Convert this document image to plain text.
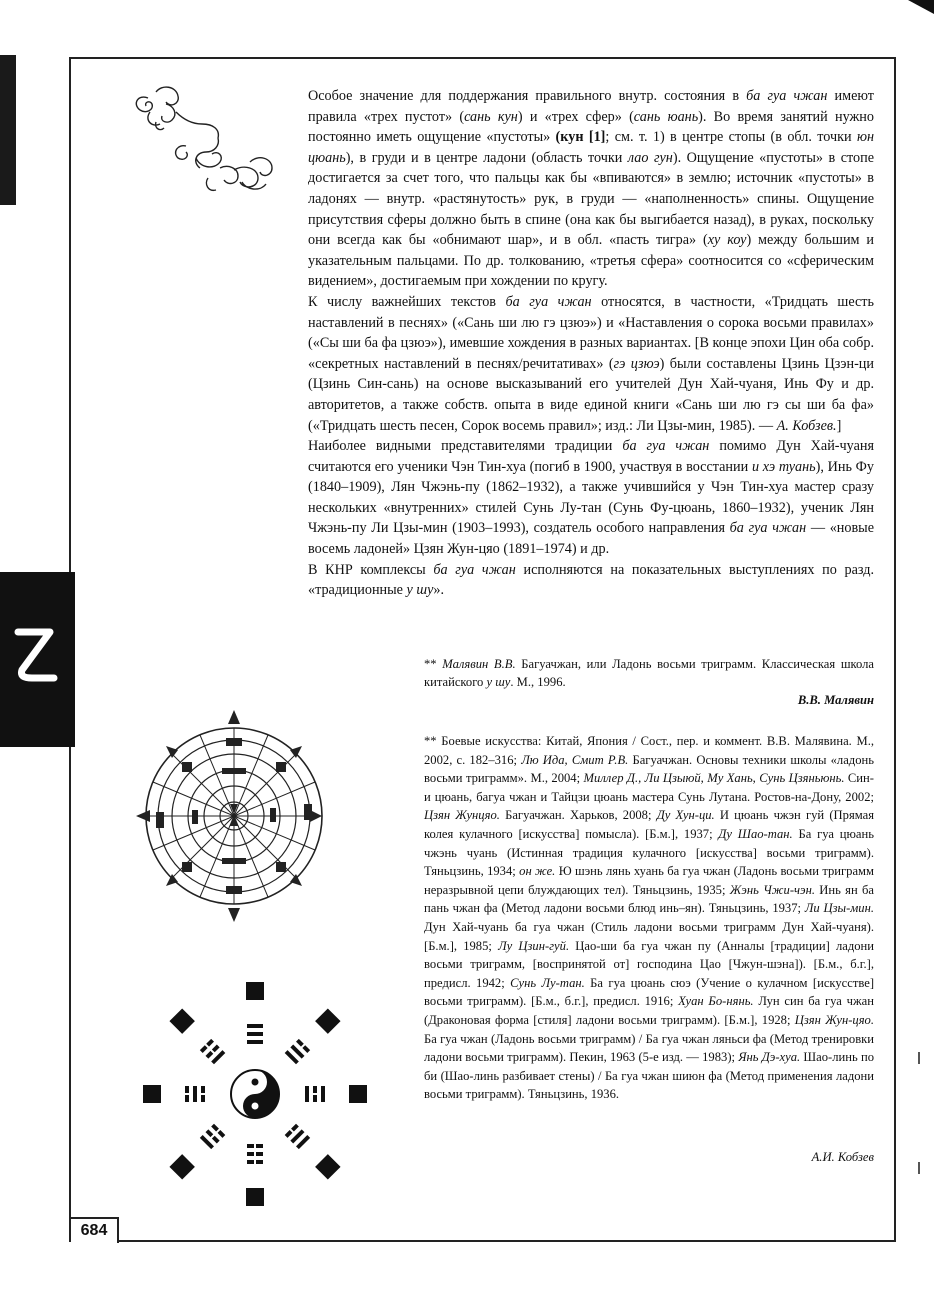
Особое значение для поддержания правильного внутр. состояния в ба гуа чжан имеют правила «трех пустот» (сань кун) и «трех сфер» (сань юань). Во время занятий нужно постоянно иметь ощущение «пустоты» (кун [1]; см. т. 1) в центре стопы (в обл. точки юн цюань), в груди и в центре ладони (область точки лао гун). Ощущение «пустоты» в стопе достигается за счет того, что пальцы как бы «впиваются» в землю; источник «пустоты» в ладонях — внутр. «растянутость» рук, в груди — «наполненность» спины. Ощущение присутствия сферы должно быть в спине (она как бы выгибается назад), в руках, поскольку они всегда как бы «обнимают шар», и в обл. «пасть тигра» (ху коу) между большим и указательным пальцами. По др. толкованию, «третья сфера» соотносится со «сферическим видением», достигаемым при хождении по кругу.

К числу важнейших текстов ба гуа чжан относятся, в частности, «Тридцать шесть наставлений в песнях» («Сань ши лю гэ цзюэ») и «Наставления о сорока восьми правилах» («Сы ши ба фа цзюэ»), имевшие хождения в разных вариантах. [В конце эпохи Цин оба собр. «секретных наставлений в песнях/речитативах» (гэ цзюэ) были составлены Цзинь Цзэн-ци (Цзинь Син-сань) на основе высказываний его учителей Дун Хай-чуаня, Инь Фу и др. авторитетов, а также собств. опыта в виде единой книги «Сань ши лю гэ сы ши ба фа» («Тридцать шесть песен, Сорок восемь правил»; изд.: Ли Цзы-мин, 1985). — А. Кобзев.]

Наиболее видными представителями традиции ба гуа чжан помимо Дун Хай-чуаня считаются его ученики Чэн Тин-хуа (погиб в 1900, участвуя в восстании и хэ туань), Инь Фу (1840–1909), Лян Чжэнь-пу (1862–1932), а также учившийся у Чэн Тин-хуа мастер сразу нескольких «внутренних» стилей Сунь Лу-тан (Сунь Фу-цюань, 1860–1932), ученик Лян Чжэнь-пу Ли Цзы-мин (1903–1993), создатель особого направления ба гуа чжан — «новые восемь ладоней» Цзян Жун-цяо (1891–1974) и др.

В КНР комплексы ба гуа чжан исполняются на показательных выступлениях по разд. «традиционные у шу».

** Малявин В.В. Багуачжан, или Ладонь восьми триграмм. Классическая школа китайского у шу. М., 1996.

В.В. Малявин

** Боевые искусства: Китай, Япония / Сост., пер. и коммент. В.В. Малявина. М., 2002, с. 182–316; Лю Ида, Смит Р.В. Багуачжан. Основы техники школы «ладонь восьми триграмм». М., 2004; Миллер Д., Ли Цзыюй, Му Хань, Сунь Цзяньюнь. Син-и цюань, багуа чжан и Тайцзи цюань мастера Сунь Лутана. Ростов-на-Дону, 2002; Цзян Жунцяо. Багуачжан. Харьков, 2008; Ду Хун-ци. И цюань чжэн гуй (Прямая колея кулачного [искусства] помысла). [Б.м.], 1937; Ду Шао-тан. Ба гуа цюань чжэнь чуань (Истинная традиция кулачного [искусства] восьми триграмм). Тяньцзинь, 1934; он же. Ю шэнь лянь хуань ба гуа чжан (Ладонь восьми триграмм неразрывной цепи блуждающих тел). Тяньцзинь, 1935; Жэнь Чжи-чэн. Инь ян ба пань чжан фа (Метод ладони восьми блюд инь–ян). Тяньцзинь, 1937; Ли Цзы-мин. Дун Хай-чуань ба гуа чжан (Стиль ладони восьми триграмм Дун Хай-чуаня). [Б.м.], 1985; Лу Цзин-гуй. Цао-ши ба гуа чжан пу (Анналы [традиции] ладони восьми триграмм, [воспринятой от] господина Цао [Чжун-шэна]). [Б.м., б.г.], предисл. 1942; Сунь Лу-тан. Ба гуа цюань сюэ (Учение о кулачном [искусстве] восьми триграмм). [Б.м., б.г.], предисл. 1916; Хуан Бо-нянь. Лун син ба гуа чжан (Драконовая форма [стиля] ладони восьми триграмм). [Б.м.], 1928; Цзян Жун-цяо. Ба гуа чжан (Ладонь восьми триграмм) / Ба гуа чжан ляньси фа (Метод тренировки ладони восьми триграмм). Пекин, 1963 (5-е изд. — 1983); Янь Дэ-хуа. Шао-линь по би (Шао-линь разбивает стены) / Ба гуа чжан шиюн фа (Метод применения ладони восьми триграмм). Тяньцзинь, 1936.

А.И. Кобзев
684
